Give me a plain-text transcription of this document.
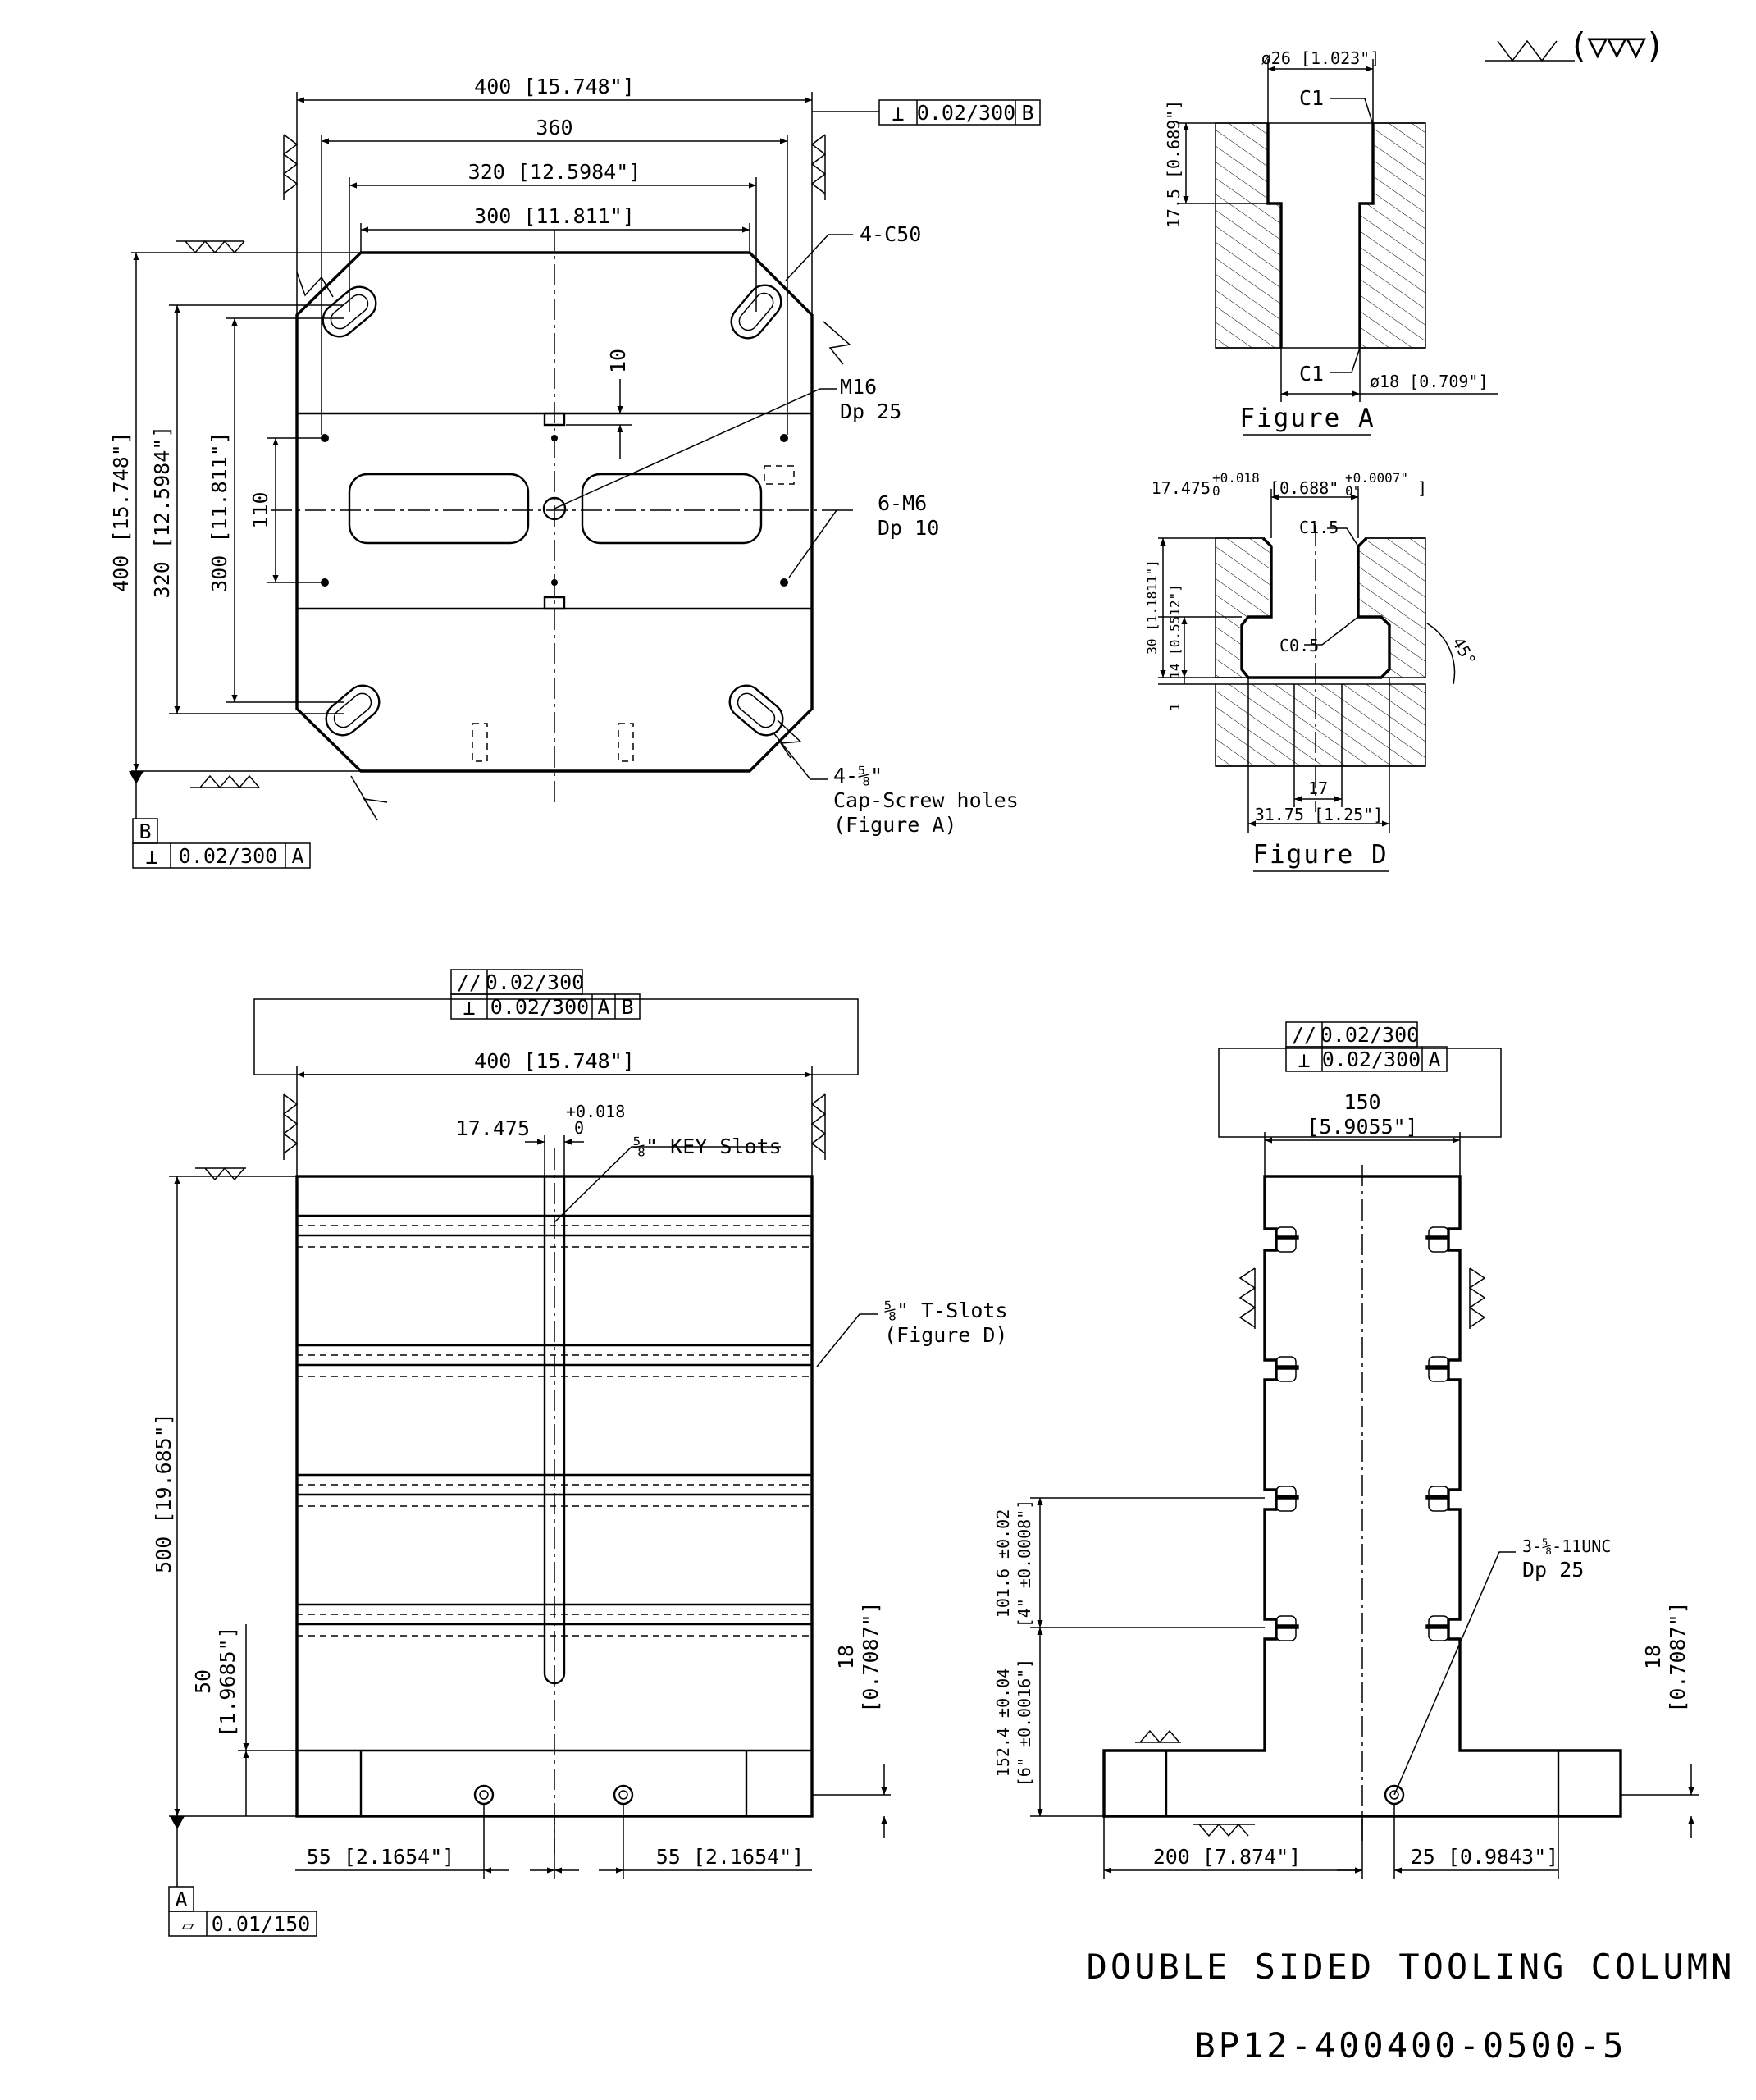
400 [15.748"]
360
320 [12.5984"]
300 [11.811"]
400 [15.748"] 320 [12.5984"] 300 [11.811"] 110
10
4-C50
M16
Dp 25
6-M6
Dp 10
4-⅝"
Cap-Screw holes
(Figure A)
⊥ 0.02/300 B
B
⊥ 0.02/300 A
ø26 [1.023"]
C1
17.5 [0.689"]
C1	ø18 [0.709"]
Figure A
17.475
+0.018
0	[0.688"
+0.0007"
0"	]
C1.5
C0.5	45°
30 [1.1811"] 14 [0.5512"]
1
17
31.75 [1.25"]
Figure D
(▽▽▽)
// 0.02/300
⊥ 0.02/300 A B
400 [15.748"]
17.475
+0.018
0
⅝" KEY Slots
⅝" T-Slots
(Figure D)
500 [19.685"]
50 [1.9685"]	18 [0.7087"]
55 [2.1654"]	55 [2.1654"]
A
▱ 0.01/150
// 0.02/300
⊥ 0.02/300 A
150
[5.9055"]
101.6 ±0.02 [4" ±0.0008"]
152.4 ±0.04 [6" ±0.0016"]
3-⅝-11UNC
Dp 25
18 [0.7087"]
200 [7.874"]	25 [0.9843"]
DOUBLE SIDED TOOLING COLUMN
BP12-400400-0500-5
